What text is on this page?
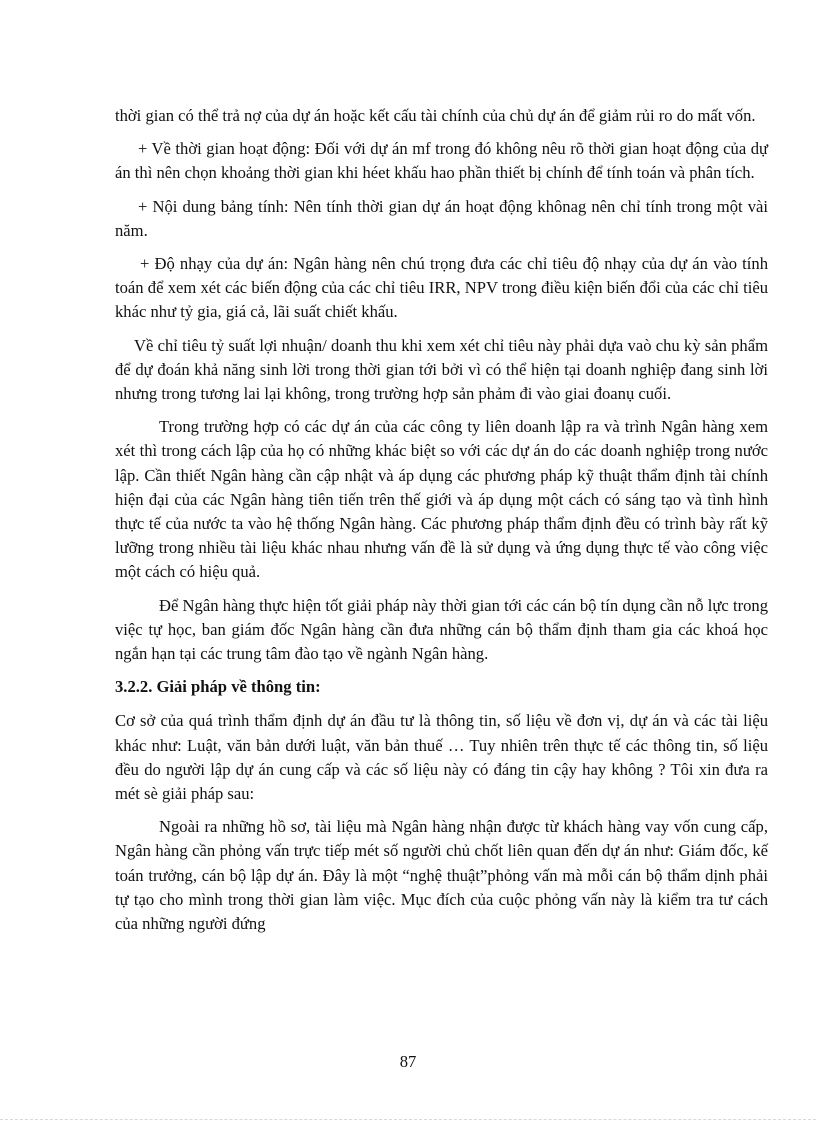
thời gian có thể trả nợ của dự án hoặc kết cấu tài chính của chủ dự án để giảm rủi ro do mất vốn.

+ Về thời gian hoạt động: Đối với dự án mf trong đó không nêu rõ thời gian hoạt động của dự án thì nên chọn khoảng thời gian khi héet khấu hao phần thiết bị chính để tính toán và phân tích.

+ Nội dung bảng tính: Nên tính thời gian dự án hoạt động khônag nên chỉ tính trong một vài năm.

+ Độ nhạy của dự án: Ngân hàng nên chú trọng đưa các chỉ tiêu độ nhạy của dự án vào tính toán để xem xét các biến động của các chỉ tiêu IRR, NPV trong điều kiện biến đổi của các chỉ tiêu khác như tỷ gia, giá cả, lãi suất chiết khấu.

Về chỉ tiêu tỷ suất lợi nhuận/ doanh thu khi xem xét chỉ tiêu này phải dựa vaò chu kỳ sản phẩm để dự đoán khả năng sinh lời trong thời gian tới bởi vì có thể hiện tại doanh nghiệp đang sinh lời nhưng trong tương lai lại không, trong trường hợp sản phảm đi vào giai đoanụ cuối.

Trong trường hợp có các dự án của các công ty liên doanh lập ra và trình Ngân hàng xem xét thì trong cách lập của họ có những khác biệt so với các dự án do các doanh nghiệp trong nước lập. Cần thiết Ngân hàng cần cập nhật và áp dụng các phương pháp kỹ thuật thẩm định tài chính hiện đại của các Ngân hàng tiên tiến trên thế giới và áp dụng một cách có sáng tạo và tình hình thực tế của nước ta vào hệ thống Ngân hàng. Các phương pháp thẩm định đều có trình bày rất kỹ lưỡng trong nhiều tài liệu khác nhau nhưng vấn đề là sử dụng và ứng dụng thực tế vào công việc một cách có hiệu quả.

Để Ngân hàng thực hiện tốt giải pháp này thời gian tới các cán bộ tín dụng cần nỗ lực trong việc tự học, ban giám đốc Ngân hàng cần đưa những cán bộ thẩm định tham gia các khoá học ngắn hạn tại các trung tâm đào tạo về ngành Ngân hàng.

3.2.2. Giải pháp về thông tin:

Cơ sở của quá trình thẩm định dự án đầu tư là thông tin, số liệu về đơn vị, dự án và các tài liệu khác như: Luật, văn bản dưới luật, văn bản thuế … Tuy nhiên trên thực tế các thông tin, số liệu đều do người lập dự án cung cấp và các số liệu này có đáng tin cậy hay không ? Tôi xin đưa ra mét sè giải pháp sau:

Ngoài ra những hồ sơ, tài liệu mà Ngân hàng nhận được từ khách hàng vay vốn cung cấp, Ngân hàng cần phỏng vấn trực tiếp mét số người chủ chốt liên quan đến dự án như: Giám đốc, kế toán trưởng, cán bộ lập dự án. Đây là một “nghệ thuật”phỏng vấn mà mỗi cán bộ thẩm dịnh phải tự tạo cho mình trong thời gian làm việc. Mục đích của cuộc phỏng vấn này là kiểm tra tư cách của những người đứng

87
